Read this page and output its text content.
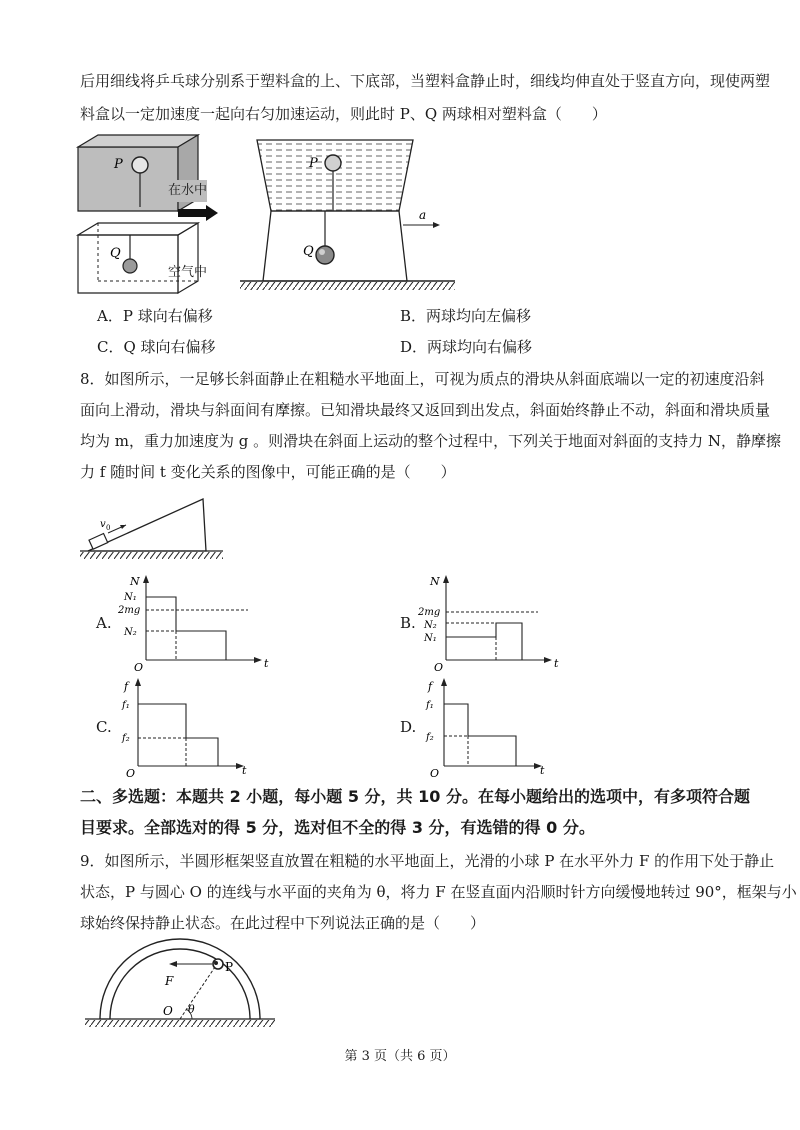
后用细线将乒乓球分别系于塑料盒的上、下底部，当塑料盒静止时，细线均伸直处于竖直方向，现使两塑
料盒以一定加速度一起向右匀加速运动，则此时 P、Q 两球相对塑料盒（　　）
P
Q
在水中
空气中
P
Q
a
A．P 球向右偏移	B．两球均向左偏移
C．Q 球向右偏移	D．两球均向右偏移
8．如图所示，一足够长斜面静止在粗糙水平地面上，可视为质点的滑块从斜面底端以一定的初速度沿斜
面向上滑动，滑块与斜面间有摩擦。已知滑块最终又返回到出发点，斜面始终静止不动，斜面和滑块质量
均为 m，重力加速度为 g 。则滑块在斜面上运动的整个过程中，下列关于地面对斜面的支持力 N，静摩擦
力 f 随时间 t 变化关系的图像中，可能正确的是（　　）
v 0
A.
N
t
O
N₁
2mg
N₂
B.
N
t
O
2mg
N₂
N₁
C.
f
t
O
f₁
f₂
D.
f
t
O
f₁
f₂
二、多选题：本题共 2 小题，每小题 5 分，共 10 分。在每小题给出的选项中，有多项符合题
目要求。全部选对的得 5 分，选对但不全的得 3 分，有选错的得 0 分。
9．如图所示，半圆形框架竖直放置在粗糙的水平地面上，光滑的小球 P 在水平外力 F 的作用下处于静止
状态，P 与圆心 O 的连线与水平面的夹角为 θ，将力 F 在竖直面内沿顺时针方向缓慢地转过 90°，框架与小
球始终保持静止状态。在此过程中下列说法正确的是（　　）
P
F
O θ
第 3 页（共 6 页）
